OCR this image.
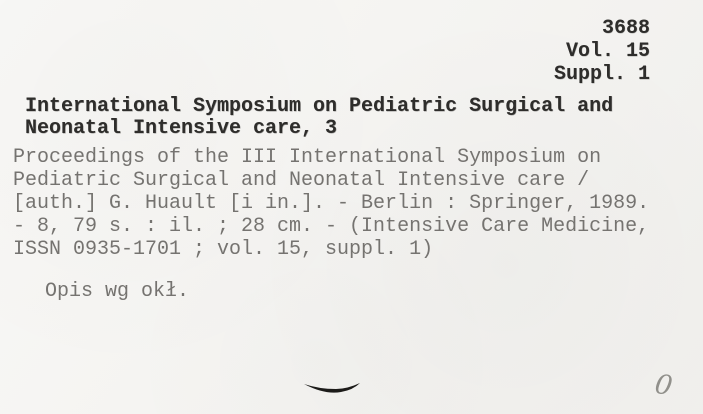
3688
Vol. 15
Suppl. 1
International Symposium on Pediatric Surgical and
Neonatal Intensive care, 3
Proceedings of the III International Symposium on
Pediatric Surgical and Neonatal Intensive care /
[auth.] G. Huault [i in.]. - Berlin : Springer, 1989.
- 8, 79 s. : il. ; 28 cm. - (Intensive Care Medicine,
ISSN 0935-1701 ; vol. 15, suppl. 1)
Opis wg okł.
0
